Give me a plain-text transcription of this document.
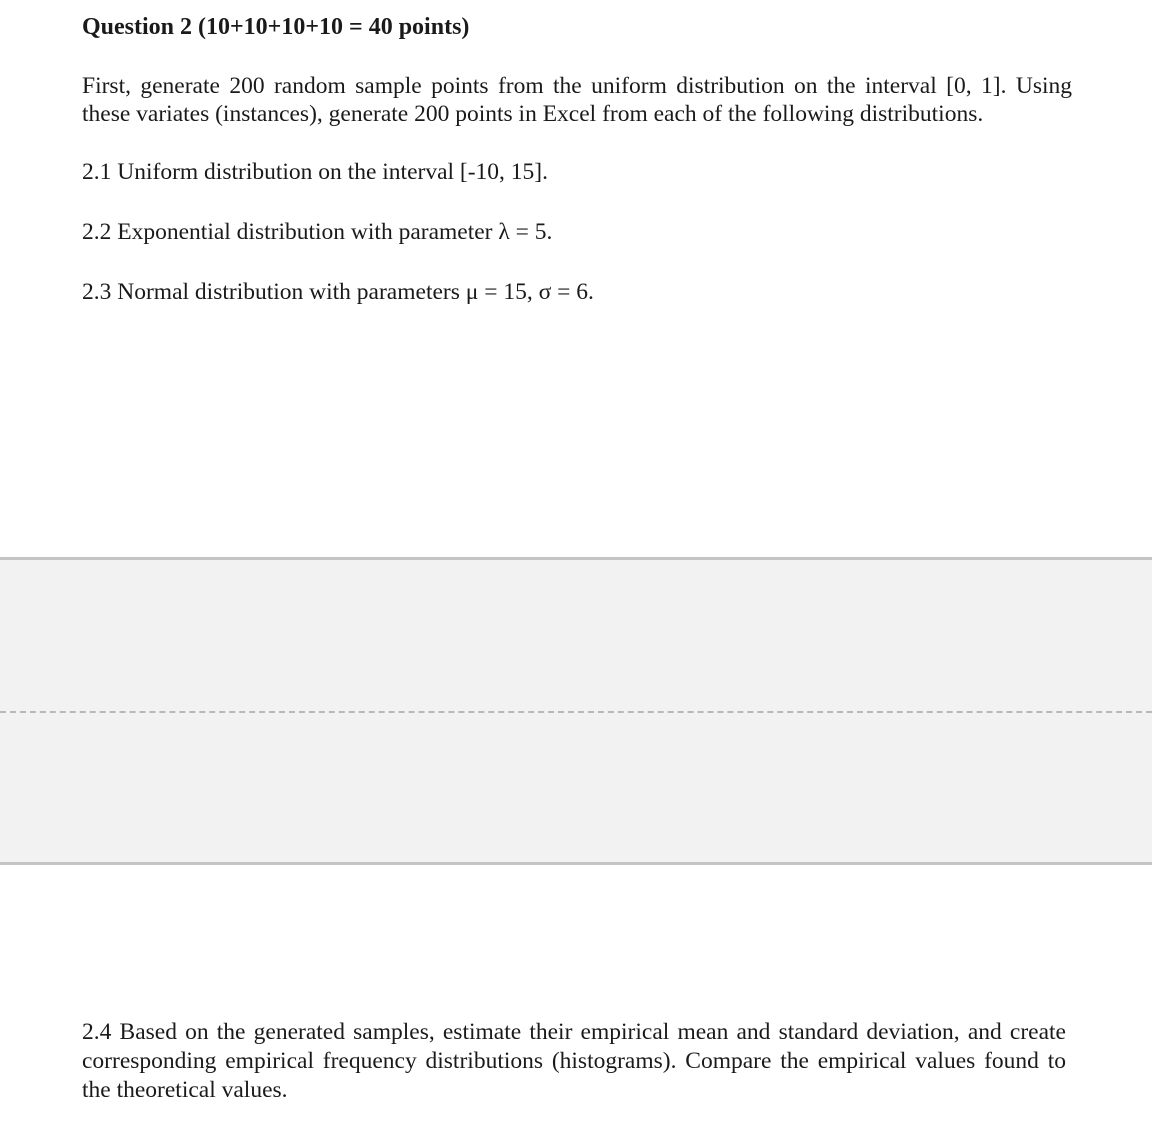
Question 2 (10+10+10+10 = 40 points)
First, generate 200 random sample points from the uniform distribution on the interval [0, 1]. Using these variates (instances), generate 200 points in Excel from each of the following distributions.
2.1 Uniform distribution on the interval [-10, 15].
2.2 Exponential distribution with parameter λ = 5.
2.3 Normal distribution with parameters μ = 15, σ = 6.
2.4 Based on the generated samples, estimate their empirical mean and standard deviation, and create corresponding empirical frequency distributions (histograms). Compare the empirical values found to the theoretical values.
